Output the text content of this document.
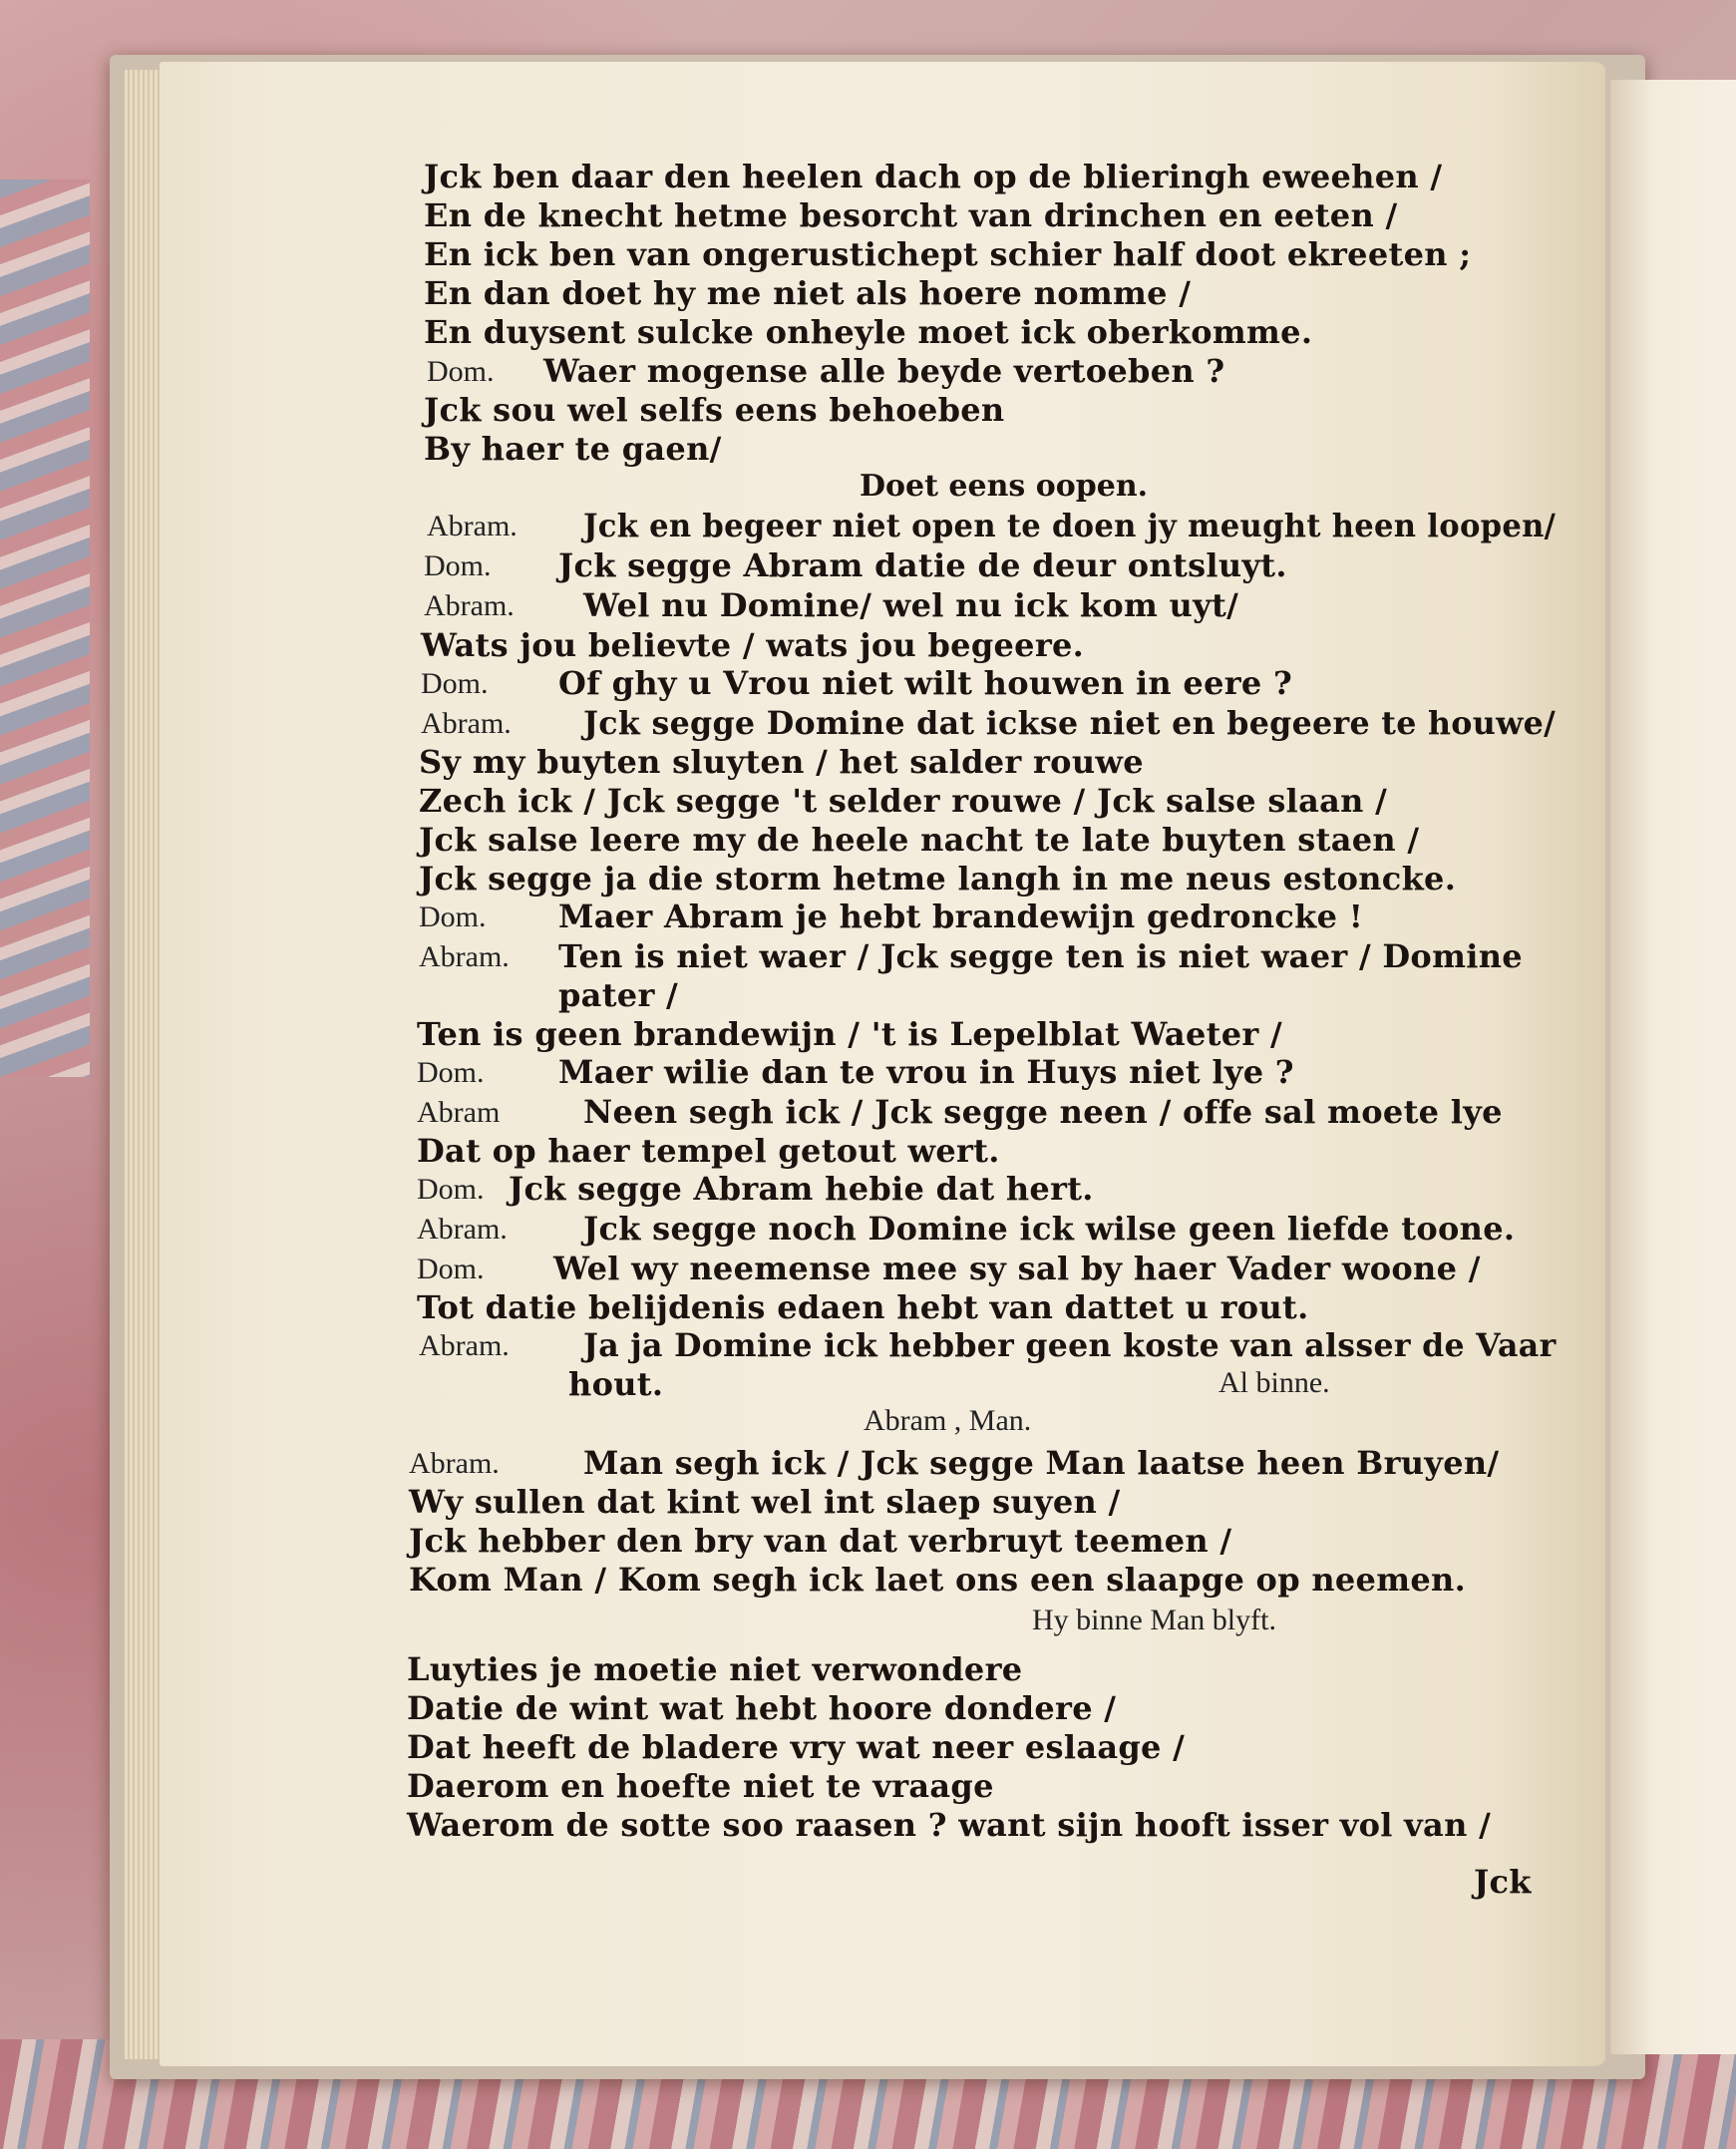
Jck ben daar den heelen dach op de blieringh eweehen /
En de knecht hetme besorcht van drinchen en eeten /
En ick ben van ongerustichept schier half doot ekreeten ;
En dan doet hy me niet als hoere nomme /
En duysent sulcke onheyle moet ick oberkomme.
Dom. Waer mogense alle beyde vertoeben ?
Jck sou wel selfs eens behoeben
By haer te gaen/
Doet eens oopen.
Abram. Jck en begeer niet open te doen jy meught heen loopen/
Dom. Jck segge Abram datie de deur ontsluyt.
Abram. Wel nu Domine/ wel nu ick kom uyt/
Wats jou believte / wats jou begeere.
Dom. Of ghy u Vrou niet wilt houwen in eere ?
Abram. Jck segge Domine dat ickse niet en begeere te houwe/
Sy my buyten sluyten / het salder rouwe
Zech ick / Jck segge 't selder rouwe / Jck salse slaan /
Jck salse leere my de heele nacht te late buyten staen /
Jck segge ja die storm hetme langh in me neus estoncke.
Dom. Maer Abram je hebt brandewijn gedroncke !
Abram. Ten is niet waer / Jck segge ten is niet waer / Domine
pater /
Ten is geen brandewijn / 't is Lepelblat Waeter /
Dom. Maer wilie dan te vrou in Huys niet lye ?
Abram	Neen segh ick / Jck segge neen / offe sal moete lye
Dat op haer tempel getout wert.
Dom. Jck segge Abram hebie dat hert.
Abram. Jck segge noch Domine ick wilse geen liefde toone.
Dom. Wel wy neemense mee sy sal by haer Vader woone /
Tot datie belijdenis edaen hebt van dattet u rout.
Abram. Ja ja Domine ick hebber geen koste van alsser de Vaar
hout.	Al binne.
Abram , Man.
Abram.	Man segh ick / Jck segge Man laatse heen Bruyen/
Wy sullen dat kint wel int slaep suyen /
Jck hebber den bry van dat verbruyt teemen /
Kom Man / Kom segh ick laet ons een slaapge op neemen.
Hy binne Man blyft.
Luyties je moetie niet verwondere
Datie de wint wat hebt hoore dondere /
Dat heeft de bladere vry wat neer eslaage /
Daerom en hoefte niet te vraage
Waerom de sotte soo raasen ? want sijn hooft isser vol van /
Jck
